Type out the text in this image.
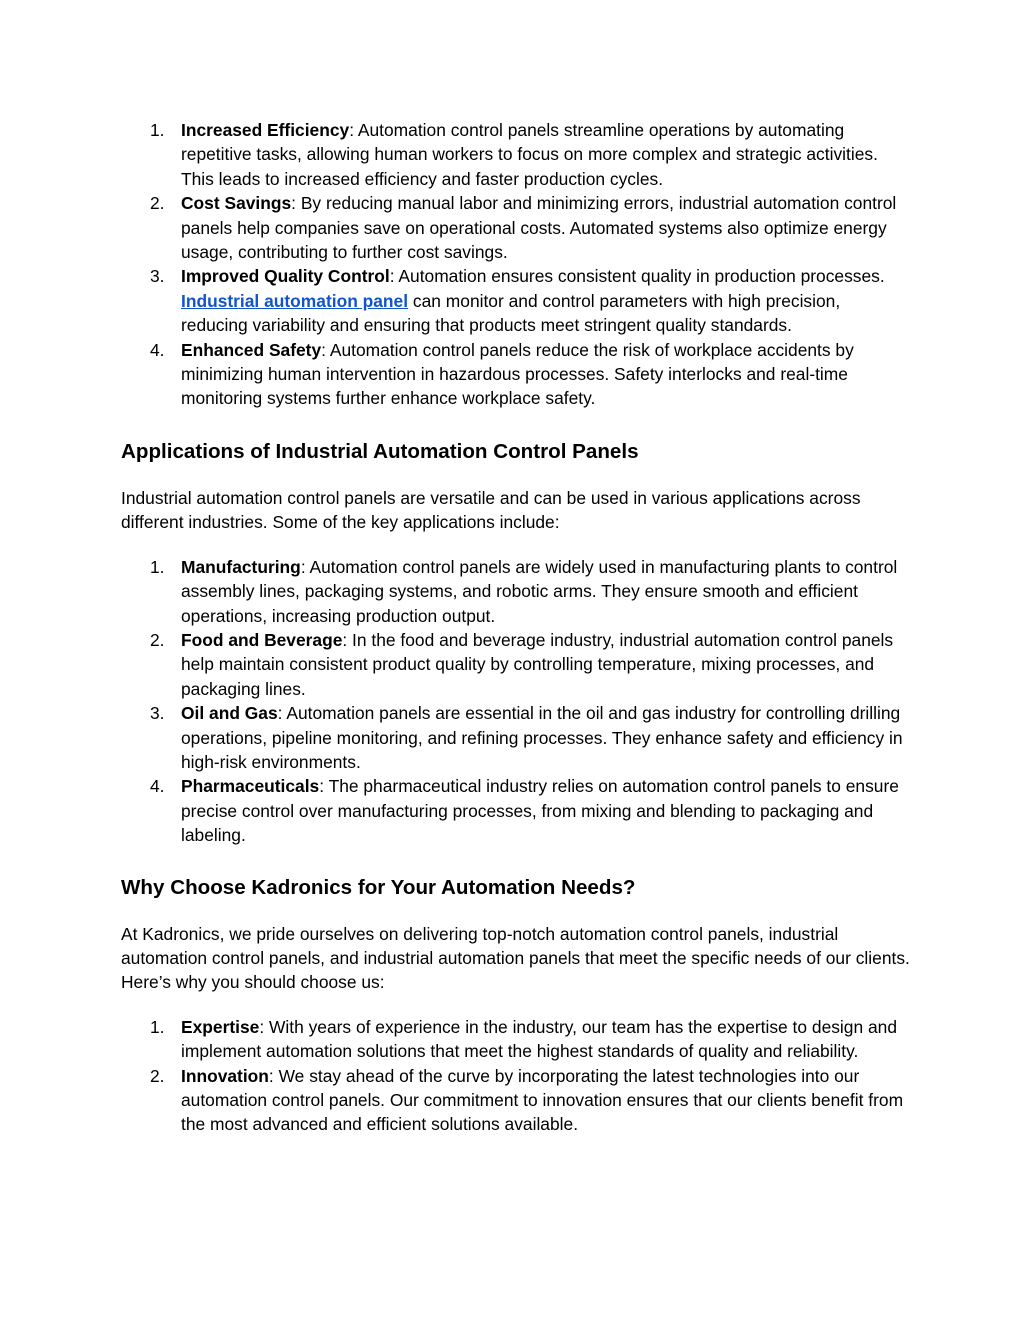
1. Increased Efficiency: Automation control panels streamline operations by automating repetitive tasks, allowing human workers to focus on more complex and strategic activities. This leads to increased efficiency and faster production cycles.
2. Cost Savings: By reducing manual labor and minimizing errors, industrial automation control panels help companies save on operational costs. Automated systems also optimize energy usage, contributing to further cost savings.
3. Improved Quality Control: Automation ensures consistent quality in production processes. Industrial automation panel can monitor and control parameters with high precision, reducing variability and ensuring that products meet stringent quality standards.
4. Enhanced Safety: Automation control panels reduce the risk of workplace accidents by minimizing human intervention in hazardous processes. Safety interlocks and real-time monitoring systems further enhance workplace safety.
Applications of Industrial Automation Control Panels

Industrial automation control panels are versatile and can be used in various applications across different industries. Some of the key applications include:

1. Manufacturing: Automation control panels are widely used in manufacturing plants to control assembly lines, packaging systems, and robotic arms. They ensure smooth and efficient operations, increasing production output.
2. Food and Beverage: In the food and beverage industry, industrial automation control panels help maintain consistent product quality by controlling temperature, mixing processes, and packaging lines.
3. Oil and Gas: Automation panels are essential in the oil and gas industry for controlling drilling operations, pipeline monitoring, and refining processes. They enhance safety and efficiency in high-risk environments.
4. Pharmaceuticals: The pharmaceutical industry relies on automation control panels to ensure precise control over manufacturing processes, from mixing and blending to packaging and labeling.
Why Choose Kadronics for Your Automation Needs?

At Kadronics, we pride ourselves on delivering top-notch automation control panels, industrial automation control panels, and industrial automation panels that meet the specific needs of our clients. Here’s why you should choose us:

1. Expertise: With years of experience in the industry, our team has the expertise to design and implement automation solutions that meet the highest standards of quality and reliability.
2. Innovation: We stay ahead of the curve by incorporating the latest technologies into our automation control panels. Our commitment to innovation ensures that our clients benefit from the most advanced and efficient solutions available.
